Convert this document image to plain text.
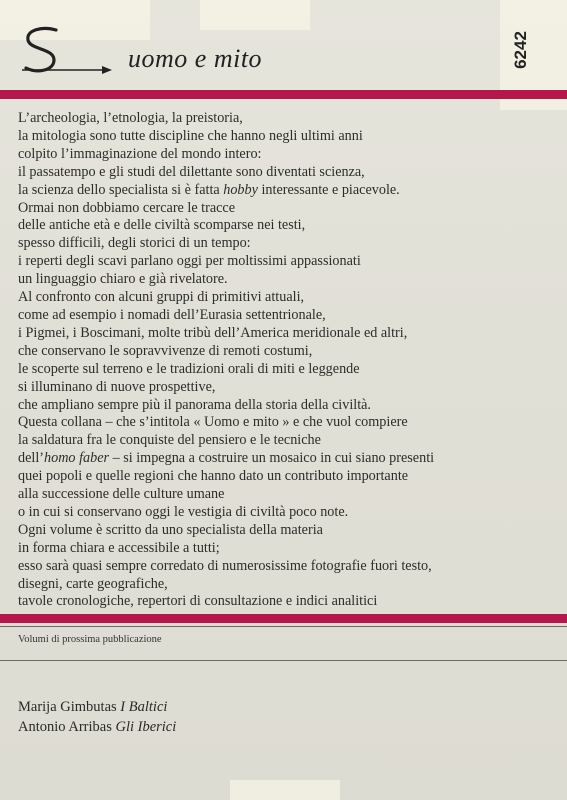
uomo e mito	6242
L’archeologia, l’etnologia, la preistoria,
la mitologia sono tutte discipline che hanno negli ultimi anni
colpito l’immaginazione del mondo intero:
il passatempo e gli studi del dilettante sono diventati scienza,
la scienza dello specialista si è fatta hobby interessante e piacevole.
Ormai non dobbiamo cercare le tracce
delle antiche età e delle civiltà scomparse nei testi,
spesso difficili, degli storici di un tempo:
i reperti degli scavi parlano oggi per moltissimi appassionati
un linguaggio chiaro e già rivelatore.
Al confronto con alcuni gruppi di primitivi attuali,
come ad esempio i nomadi dell’Eurasia settentrionale,
i Pigmei, i Boscimani, molte tribù dell’America meridionale ed altri,
che conservano le sopravvivenze di remoti costumi,
le scoperte sul terreno e le tradizioni orali di miti e leggende
si illuminano di nuove prospettive,
che ampliano sempre più il panorama della storia della civiltà.
Questa collana – che s’intitola « Uomo e mito » e che vuol compiere
la saldatura fra le conquiste del pensiero e le tecniche
dell’homo faber – si impegna a costruire un mosaico in cui siano presenti
quei popoli e quelle regioni che hanno dato un contributo importante
alla successione delle culture umane
o in cui si conservano oggi le vestigia di civiltà poco note.
Ogni volume è scritto da uno specialista della materia
in forma chiara e accessibile a tutti;
esso sarà quasi sempre corredato di numerosissime fotografie fuori testo,
disegni, carte geografiche,
tavole cronologiche, repertori di consultazione e indici analitici
Volumi di prossima pubblicazione
Marija Gimbutas I Baltici
Antonio Arribas Gli Iberici
